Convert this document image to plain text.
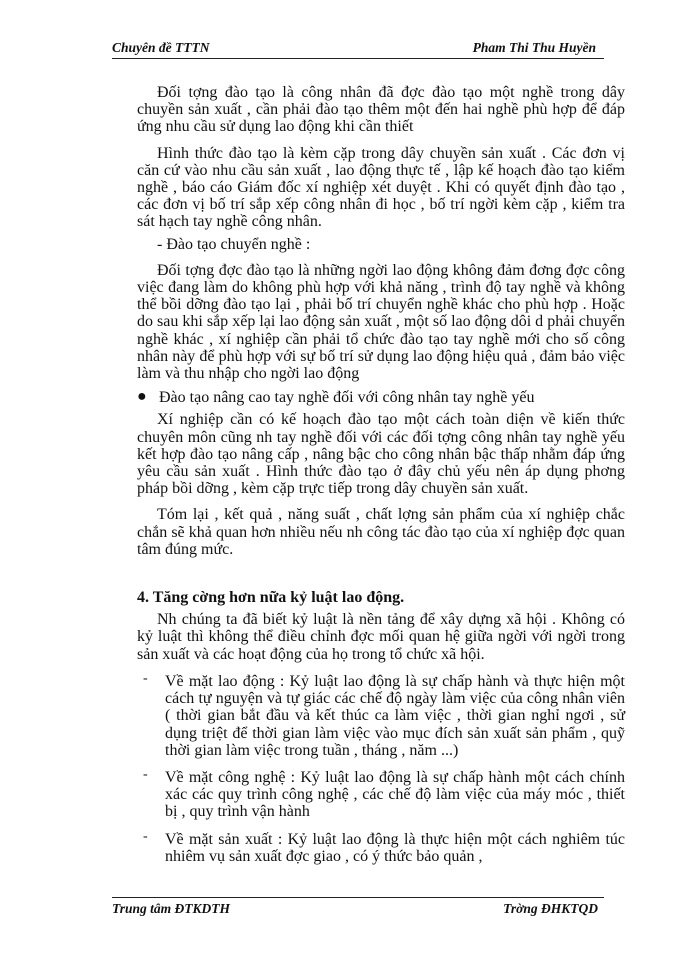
Chuyên đề TTTN	Pham Thi Thu Huyền

Đối tợng đào tạo là công nhân đã đợc đào tạo một nghề trong dây chuyền sản xuất , cần phải đào tạo thêm một đến hai nghề phù hợp để đáp ứng nhu cầu sử dụng lao động khi cần thiết

Hình thức đào tạo là kèm cặp trong dây chuyền sản xuất . Các đơn vị căn cứ vào nhu cầu sản xuất , lao động thực tế , lập kế hoạch đào tạo kiểm nghề , báo cáo Giám đốc xí nghiệp xét duyệt . Khi có quyết định đào tạo , các đơn vị bố trí sắp xếp công nhân đi học , bố trí ngời kèm cặp , kiểm tra sát hạch tay nghề công nhân.

- Đào tạo chuyển nghề :

Đối tợng đợc đào tạo là những ngời lao động không đảm đơng đợc công việc đang làm do không phù hợp với khả năng , trình độ tay nghề và không thể bồi dỡng đào tạo lại , phải bố trí chuyển nghề khác cho phù hợp . Hoặc do sau khi sắp xếp lại lao động sản xuất , một số lao động dôi d phải chuyển nghề khác , xí nghiệp cần phải tổ chức đào tạo tay nghề mới cho số công nhân này để phù hợp với sự bố trí sử dụng lao động hiệu quả , đảm bảo việc làm và thu nhập cho ngời lao động

● Đào tạo nâng cao tay nghề đối với công nhân tay nghề yếu

Xí nghiệp cần có kế hoạch đào tạo một cách toàn diện về kiến thức chuyên môn cũng nh tay nghề đối với các đối tợng công nhân tay nghề yếu kết hợp đào tạo nâng cấp , nâng bậc cho công nhân bậc thấp nhằm đáp ứng yêu cầu sản xuất . Hình thức đào tạo ở đây chủ yếu nên áp dụng phơng pháp bồi dỡng , kèm cặp trực tiếp trong dây chuyền sản xuất.

Tóm lại , kết quả , năng suất , chất lợng sản phẩm của xí nghiệp chắc chắn sẽ khả quan hơn nhiều nếu nh công tác đào tạo của xí nghiệp đợc quan tâm đúng mức.

4. Tăng cờng hơn nữa kỷ luật lao động.

Nh chúng ta đã biết kỷ luật là nền tảng để xây dựng xã hội . Không có kỷ luật thì không thể điều chỉnh đợc mối quan hệ giữa ngời với ngời trong sản xuất và các hoạt động của họ trong tổ chức xã hội.

- Về mặt lao động : Kỷ luật lao động là sự chấp hành và thực hiện một cách tự nguyện và tự giác các chế độ ngày làm việc của công nhân viên ( thời gian bắt đầu và kết thúc ca làm việc , thời gian nghỉ ngơi , sử dụng triệt để thời gian làm việc vào mục đích sản xuất sản phẩm , quỹ thời gian làm việc trong tuần , tháng , năm ...)

- Về mặt công nghệ : Kỷ luật lao động là sự chấp hành một cách chính xác các quy trình công nghệ , các chế độ làm việc của máy móc , thiết bị , quy trình vận hành

- Về mặt sản xuất : Kỷ luật lao động là thực hiện một cách nghiêm túc nhiêm vụ sản xuất đợc giao , có ý thức bảo quản ,

Trung tâm ĐTKDTH	Trờng ĐHKTQD
